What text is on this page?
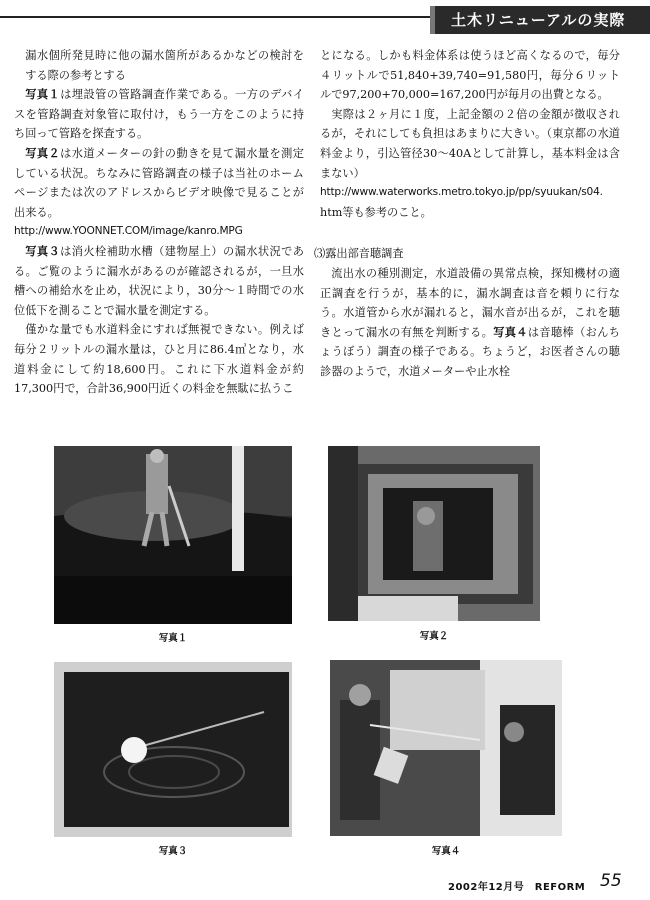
土木リニューアルの実際

漏水個所発見時に他の漏水箇所があるかなどの検討をする際の参考とする

写真１は埋設管の管路調査作業である。一方のデバイスを管路調査対象管に取付け，もう一方をこのように持ち回って管路を探査する。

写真２は水道メーターの針の動きを見て漏水量を測定している状況。ちなみに管路調査の様子は当社のホームページまたは次のアドレスからビデオ映像で見ることが出来る。

http://www.YOONNET.COM/image/kanro.MPG

写真３は消火栓補助水槽（建物屋上）の漏水状況である。ご覧のように漏水があるのが確認されるが，一旦水槽への補給水を止め，状況により，30分～１時間での水位低下を測ることで漏水量を測定する。

僅かな量でも水道料金にすれば無視できない。例えば毎分２リットルの漏水量は，ひと月に86.4㎥となり，水道料金にして約18,600円。これに下水道料金が約17,300円で，合計36,900円近くの料金を無駄に払うこ

とになる。しかも料金体系は使うほど高くなるので，毎分４リットルで51,840+39,740=91,580円，毎分６リットルで97,200+70,000=167,200円が毎月の出費となる。

実際は２ヶ月に１度，上記金額の２倍の金額が徴収されるが，それにしても負担はあまりに大きい。（東京都の水道料金より，引込管径30～40Aとして計算し，基本料金は含まない）

http://www.waterworks.metro.tokyo.jp/pp/syuukan/s04.

htm等も参考のこと。

⑶露出部音聴調査

流出水の種別測定，水道設備の異常点検，探知機材の適正調査を行うが，基本的に，漏水調査は音を頼りに行なう。水道管から水が漏れると，漏水音が出るが，これを聴きとって漏水の有無を判断する。写真４は音聴棒（おんちょうぼう）調査の様子である。ちょうど，お医者さんの聴診器のようで，水道メーターや止水栓

写真１	写真２
写真３	写真４
2002年12月号　REFORM 55
